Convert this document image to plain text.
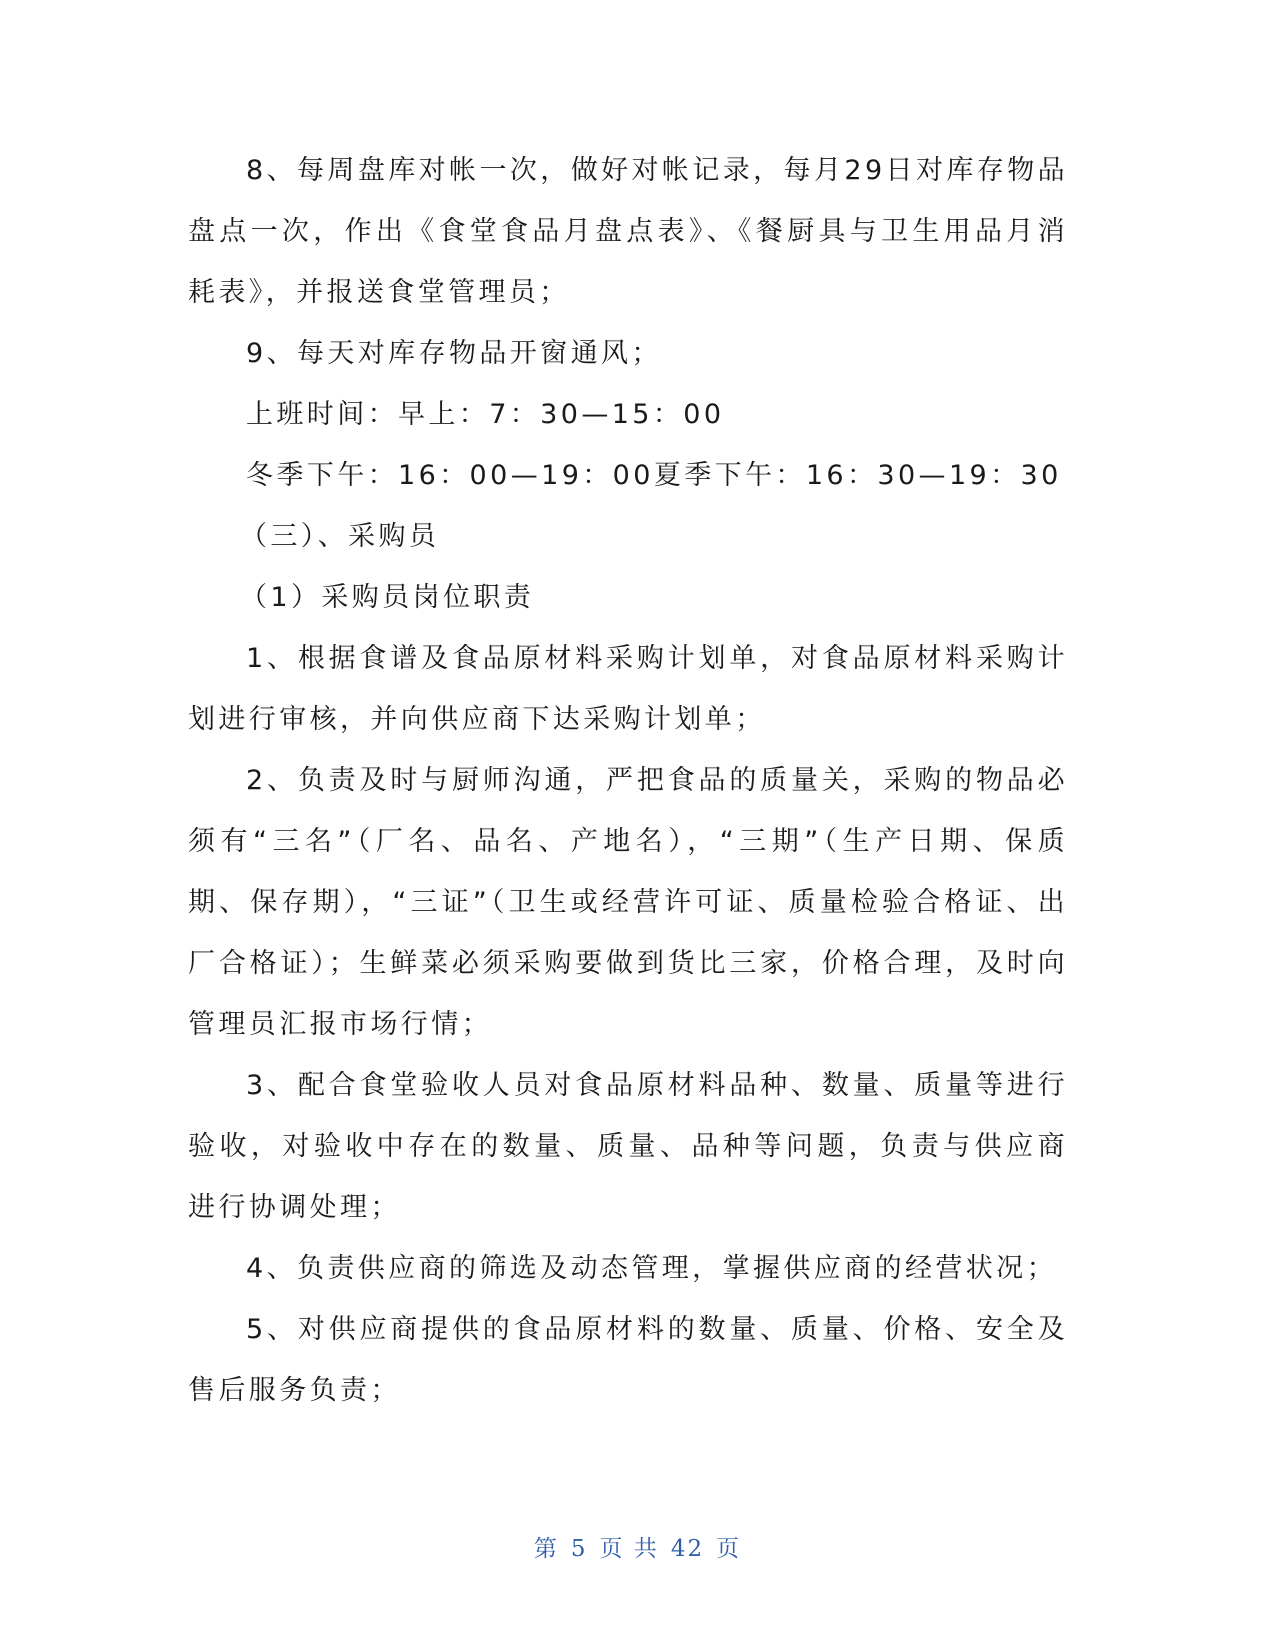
8、每周盘库对帐一次，做好对帐记录，每月29日对库存物品盘点一次，作出《食堂食品月盘点表》、《餐厨具与卫生用品月消耗表》，并报送食堂管理员；

9、每天对库存物品开窗通风；

上班时间：早上：7：30—15：00

冬季下午：16：00—19：00夏季下午：16：30—19：30

（三）、采购员

（1）采购员岗位职责

1、根据食谱及食品原材料采购计划单，对食品原材料采购计划进行审核，并向供应商下达采购计划单；

2、负责及时与厨师沟通，严把食品的质量关，采购的物品必须有“三名”（厂名、品名、产地名），“三期”（生产日期、保质期、保存期），“三证”（卫生或经营许可证、质量检验合格证、出厂合格证）；生鲜菜必须采购要做到货比三家，价格合理，及时向管理员汇报市场行情；

3、配合食堂验收人员对食品原材料品种、数量、质量等进行验收，对验收中存在的数量、质量、品种等问题，负责与供应商进行协调处理；

4、负责供应商的筛选及动态管理，掌握供应商的经营状况；

5、对供应商提供的食品原材料的数量、质量、价格、安全及售后服务负责；

第 5 页 共 42 页
